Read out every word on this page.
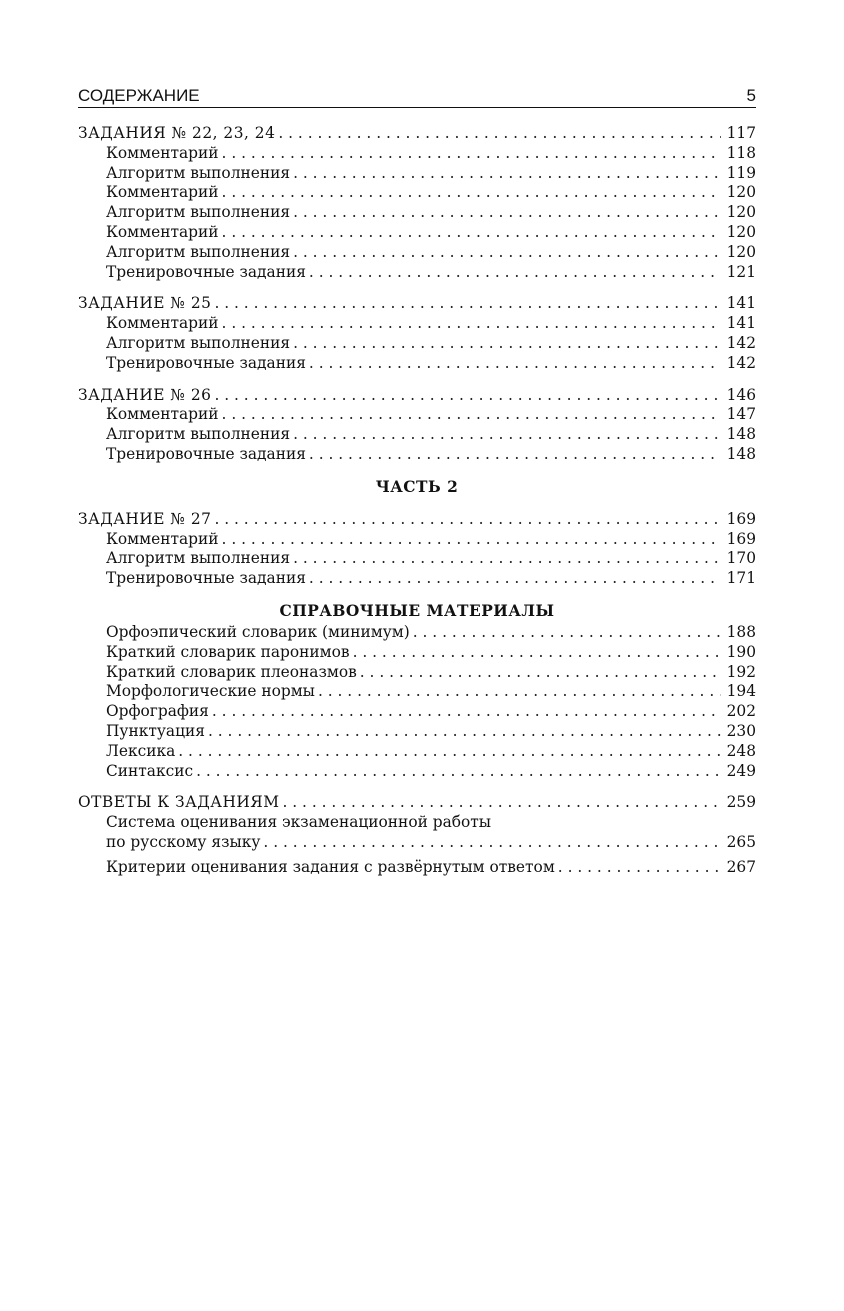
СОДЕРЖАНИЕ	5
ЗАДАНИЯ № 22, 23, 24 . . .	117
Комментарий . . .	118
Алгоритм выполнения . . .	119
Комментарий . . .	120
Алгоритм выполнения . . .	120
Комментарий . . .	120
Алгоритм выполнения . . .	120
Тренировочные задания . . .	121
ЗАДАНИЕ № 25 . . .	141
Комментарий . . .	141
Алгоритм выполнения . . .	142
Тренировочные задания . . .	142
ЗАДАНИЕ № 26 . . .	146
Комментарий . . .	147
Алгоритм выполнения . . .	148
Тренировочные задания . . .	148
ЧАСТЬ 2
ЗАДАНИЕ № 27 . . .	169
Комментарий . . .	169
Алгоритм выполнения . . .	170
Тренировочные задания . . .	171
СПРАВОЧНЫЕ МАТЕРИАЛЫ
Орфоэпический словарик (минимум) . . .	188
Краткий словарик паронимов . . .	190
Краткий словарик плеоназмов . . .	192
Морфологические нормы . . .	194
Орфография . . .	202
Пунктуация . . .	230
Лексика . . .	248
Синтаксис . . .	249
ОТВЕТЫ К ЗАДАНИЯМ . . .	259
Система оценивания экзаменационной работы
по русскому языку . . .	265
Критерии оценивания задания с развёрнутым ответом . . .	267
